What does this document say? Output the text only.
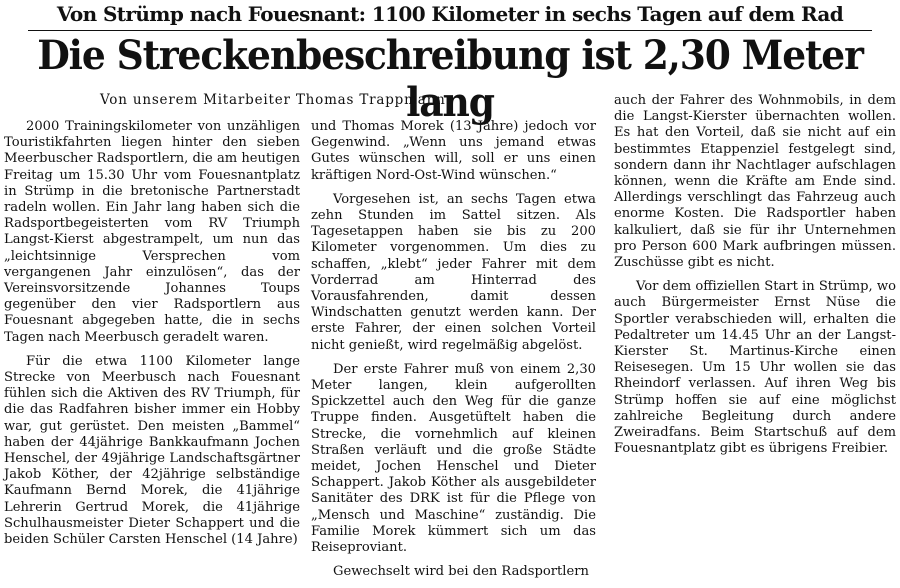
Von Strümp nach Fouesnant: 1100 Kilometer in sechs Tagen auf dem Rad
Die Streckenbeschreibung ist 2,30 Meter lang
Von unserem Mitarbeiter Thomas Trappmann

2000 Trainingskilometer von unzähligen Touristikfahrten liegen hinter den sieben Meerbuscher Radsportlern, die am heutigen Freitag um 15.30 Uhr vom Fouesnantplatz in Strümp in die bretonische Partnerstadt radeln wollen. Ein Jahr lang haben sich die Radsportbegeisterten vom RV Triumph Langst-Kierst abgestrampelt, um nun das „leichtsinnige Versprechen vom vergangenen Jahr einzulösen“, das der Vereinsvorsitzende Johannes Toups gegenüber den vier Radsportlern aus Fouesnant abgegeben hatte, die in sechs Tagen nach Meerbusch geradelt waren.

Für die etwa 1100 Kilometer lange Strecke von Meerbusch nach Fouesnant fühlen sich die Aktiven des RV Triumph, für die das Radfahren bisher immer ein Hobby war, gut gerüstet. Den meisten „Bammel“ haben der 44jährige Bankkaufmann Jochen Henschel, der 49jährige Landschaftsgärtner Jakob Köther, der 42jährige selbständige Kaufmann Bernd Morek, die 41jährige Lehrerin Gertrud Morek, die 41jährige Schulhausmeister Dieter Schappert und die beiden Schüler Carsten Henschel (14 Jahre)

und Thomas Morek (13 Jahre) jedoch vor Gegenwind. „Wenn uns jemand etwas Gutes wünschen will, soll er uns einen kräftigen Nord-Ost-Wind wünschen.“

Vorgesehen ist, an sechs Tagen etwa zehn Stunden im Sattel sitzen. Als Tagesetappen haben sie bis zu 200 Kilometer vorgenommen. Um dies zu schaffen, „klebt“ jeder Fahrer mit dem Vorderrad am Hinterrad des Vorausfahrenden, damit dessen Windschatten genutzt werden kann. Der erste Fahrer, der einen solchen Vorteil nicht genießt, wird regelmäßig abgelöst.

Der erste Fahrer muß von einem 2,30 Meter langen, klein aufgerollten Spickzettel auch den Weg für die ganze Truppe finden. Ausgetüftelt haben die Strecke, die vornehmlich auf kleinen Straßen verläuft und die große Städte meidet, Jochen Henschel und Dieter Schappert. Jakob Köther als ausgebildeter Sanitäter des DRK ist für die Pflege von „Mensch und Maschine“ zuständig. Die Familie Morek kümmert sich um das Reiseproviant.

Gewechselt wird bei den Radsportlern

auch der Fahrer des Wohnmobils, in dem die Langst-Kierster übernachten wollen. Es hat den Vorteil, daß sie nicht auf ein bestimmtes Etappenziel festgelegt sind, sondern dann ihr Nachtlager aufschlagen können, wenn die Kräfte am Ende sind. Allerdings verschlingt das Fahrzeug auch enorme Kosten. Die Radsportler haben kalkuliert, daß sie für ihr Unternehmen pro Person 600 Mark aufbringen müssen. Zuschüsse gibt es nicht.

Vor dem offiziellen Start in Strümp, wo auch Bürgermeister Ernst Nüse die Sportler verabschieden will, erhalten die Pedaltreter um 14.45 Uhr an der Langst-Kierster St. Martinus-Kirche einen Reisesegen. Um 15 Uhr wollen sie das Rheindorf verlassen. Auf ihren Weg bis Strümp hoffen sie auf eine möglichst zahlreiche Begleitung durch andere Zweiradfans. Beim Startschuß auf dem Fouesnantplatz gibt es übrigens Freibier.
